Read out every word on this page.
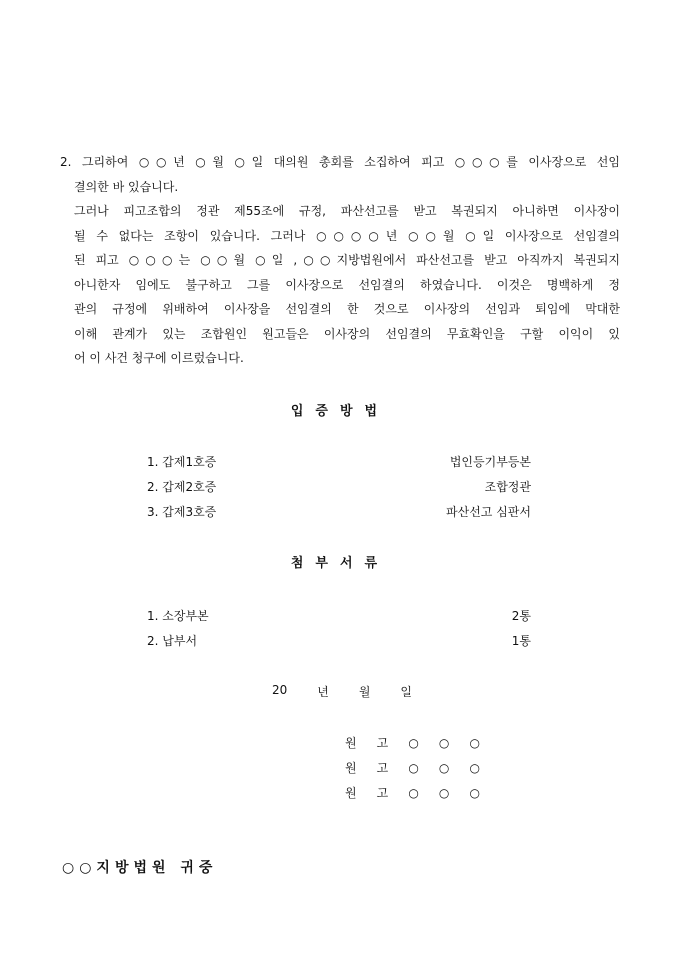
2. 그리하여 ○○년 ○월 ○일 대의원 총회를 소집하여 피고 ○○○를 이사장으로 선임
결의한 바 있습니다.
그러나 피고조합의 정관 제55조에 규정, 파산선고를 받고 복권되지 아니하면 이사장이
될 수 없다는 조항이 있습니다. 그러나 ○○○○년 ○○월 ○일 이사장으로 선임결의
된 피고 ○○○는 ○○월 ○일 ,○○지방법원에서 파산선고를 받고 아직까지 복권되지
아니한자 임에도 불구하고 그를 이사장으로 선임결의 하였습니다. 이것은 명백하게 정
관의 규정에 위배하여 이사장을 선임결의 한 것으로 이사장의 선임과 퇴임에 막대한
이해 관계가 있는 조합원인 원고들은 이사장의 선임결의 무효확인을 구할 이익이 있
어 이 사건 청구에 이르렀습니다.
입증방법
1. 갑제1호증	법인등기부등본
2. 갑제2호증	조합정관
3. 갑제3호증	파산선고 심판서
첨부서류
1. 소장부본	2통
2. 납부서	1통
20 년 월 일
원 고 ○ ○ ○
원 고 ○ ○ ○
원 고 ○ ○ ○
○○지방법원 귀중
